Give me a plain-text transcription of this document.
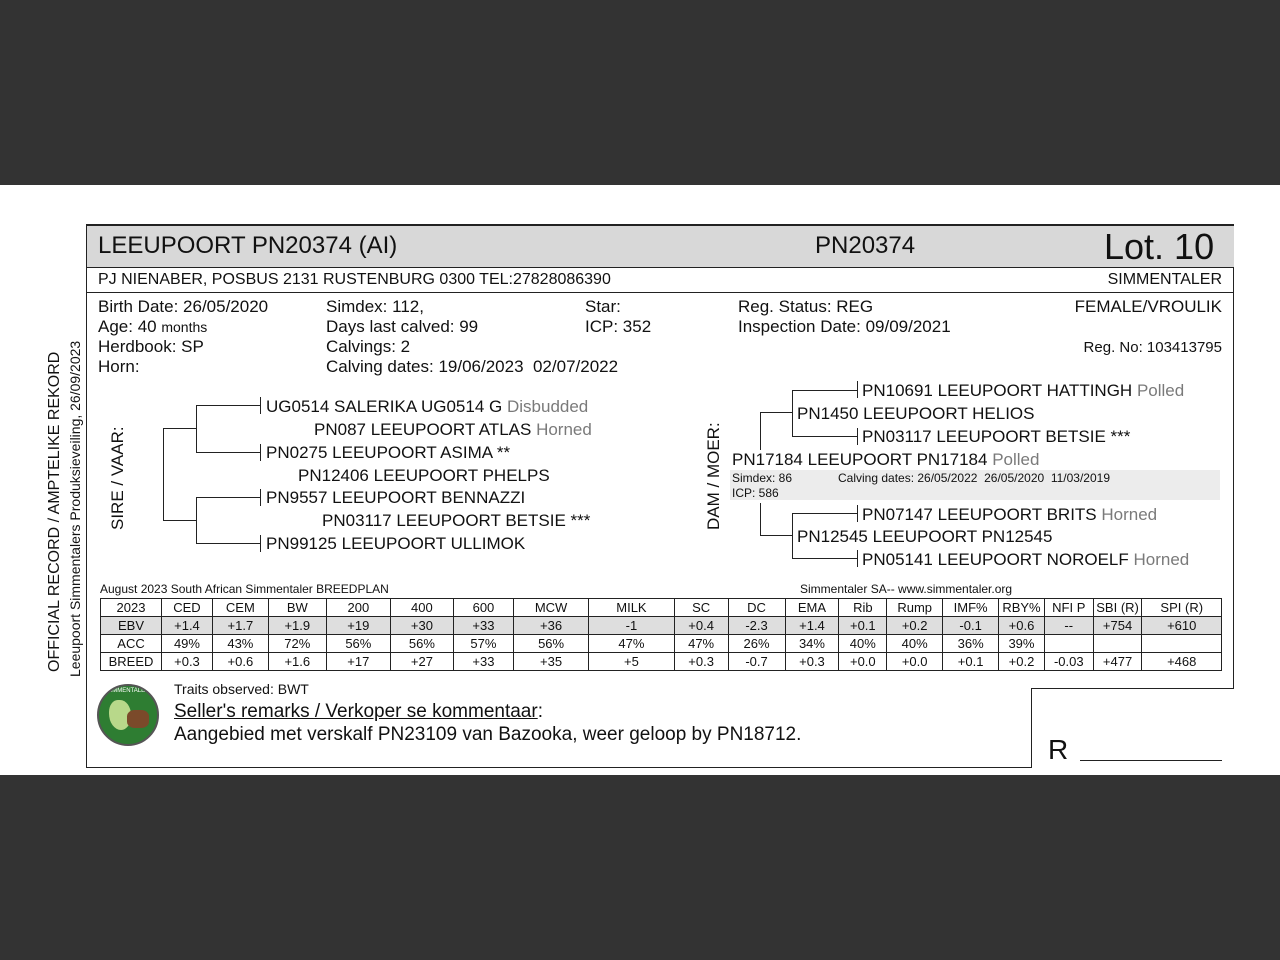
LEEUPOORT PN20374 (AI)	PN20374	Lot. 10
PJ NIENABER, POSBUS 2131 RUSTENBURG 0300 TEL:27828086390	SIMMENTALER
Birth Date: 26/05/2020
Age: 40 months
Herdbook: SP
Horn:
Simdex: 112,
Days last calved: 99
Calvings: 2
Calving dates: 19/06/2023  02/07/2022
Star:
ICP: 352
Reg. Status: REG
Inspection Date: 09/09/2021
FEMALE/VROULIK
Reg. No: 103413795
OFFICIAL RECORD / AMPTELIKE REKORD Leeupoort Simmentalers Produksieveiling, 26/09/2023 SIRE / VAAR:	DAM / MOER:
UG0514 SALERIKA UG0514 G Disbudded
PN087 LEEUPOORT ATLAS Horned
PN0275 LEEUPOORT ASIMA **
PN12406 LEEUPOORT PHELPS
PN9557 LEEUPOORT BENNAZZI
PN03117 LEEUPOORT BETSIE ***
PN99125 LEEUPOORT ULLIMOK
PN10691 LEEUPOORT HATTINGH Polled
PN1450 LEEUPOORT HELIOS
PN03117 LEEUPOORT BETSIE ***
PN17184 LEEUPOORT PN17184 Polled
Simdex: 86	Calving dates: 26/05/2022  26/05/2020  11/03/2019
ICP: 586
PN07147 LEEUPOORT BRITS Horned
PN12545 LEEUPOORT PN12545
PN05141 LEEUPOORT NOROELF Horned
August 2023 South African Simmentaler BREEDPLAN	Simmentaler SA-- www.simmentaler.org
2023	CED	CEM	BW	200	400	600	MCW	MILK	SC	DC	EMA	Rib	Rump	IMF%	RBY%	NFI P	SBI (R)	SPI (R)
EBV	+1.4	+1.7	+1.9	+19	+30	+33	+36	-1	+0.4	-2.3	+1.4	+0.1	+0.2	-0.1	+0.6	--	+754	+610
ACC	49%	43%	72%	56%	56%	57%	56%	47%	47%	26%	34%	40%	40%	36%	39%			
BREED	+0.3	+0.6	+1.6	+17	+27	+33	+35	+5	+0.3	-0.7	+0.3	+0.0	+0.0	+0.1	+0.2	-0.03	+477	+468
SIMMENTALER	Traits observed: BWT
Seller's remarks / Verkoper se kommentaar:
Aangebied met verskalf PN23109 van Bazooka, weer geloop by PN18712.	R
